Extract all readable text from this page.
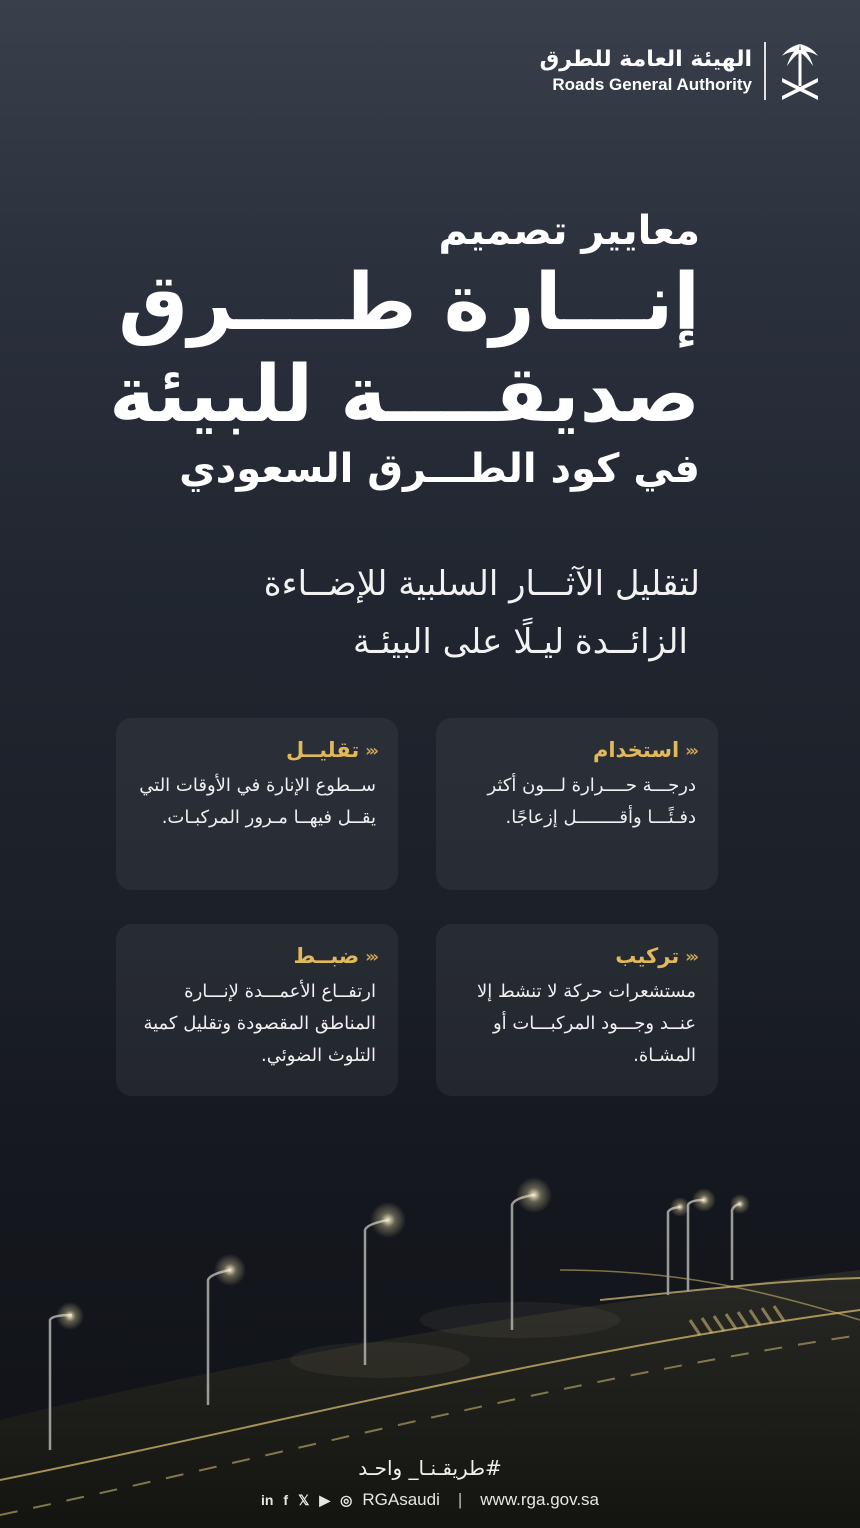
الهيئة العامة للطرق
Roads General Authority
معايير تصميم
إنـــارة طــــرق
صديقــــة للبيئة
في كود الطـــرق السعودي
لتقليل الآثـــار السلبية للإضــاءة
الزائــدة ليـلًا على البيئـة
‹‹‹
استخدام
درجـــة حــــرارة لـــون أكثر دفـئًـــا وأقــــــــل إزعاجًا.
‹‹‹
تقليــل
ســطوع الإنارة في الأوقات التي يقــل فيهــا مـرور المركبـات.
‹‹‹
تركيب
مستشعرات حركة لا تنشط إلا عنــد وجـــود المركبـــات أو المشـاة.
‹‹‹
ضبــط
ارتفــاع الأعمـــدة لإنـــارة المناطق المقصودة وتقليل كمية التلوث الضوئي.
#طريقـنـا_ واحـد
in f 𝕏 ▶ ◎ RGAsaudi	|	www.rga.gov.sa
